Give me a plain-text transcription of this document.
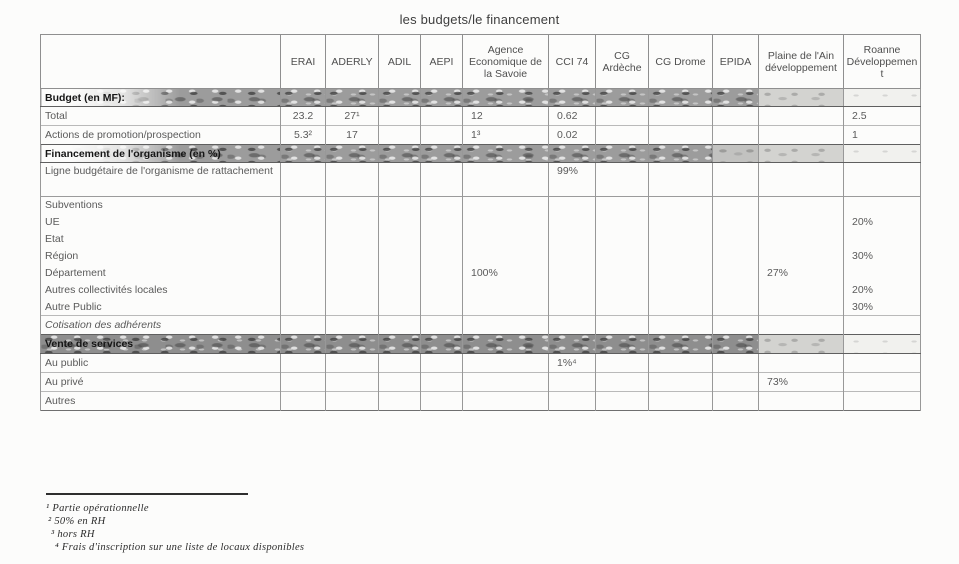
les budgets/le financement
	ERAI	ADERLY	ADIL	AEPI	Agence Economique de la Savoie	CCI 74	CG Ardèche	CG Drome	EPIDA	Plaine de l'Ain développement	Roanne Développement
Budget (en MF):											
Total	23.2	27¹			12	0.62					2.5
Actions de promotion/prospection	5.3²	17			1³	0.02					1
Financement de l'organisme (en %)											
Ligne budgétaire de l'organisme de rattachement						99%					
Subventions											
UE											20%
Etat											
Région											30%
Département					100%					27%	
Autres collectivités locales											20%
Autre Public											30%
Cotisation des adhérents											
Vente de services											
Au public						1%⁴					
Au privé										73%	
Autres											
¹ Partie opérationnelle
² 50% en RH
³ hors RH
⁴ Frais d'inscription sur une liste de locaux disponibles
